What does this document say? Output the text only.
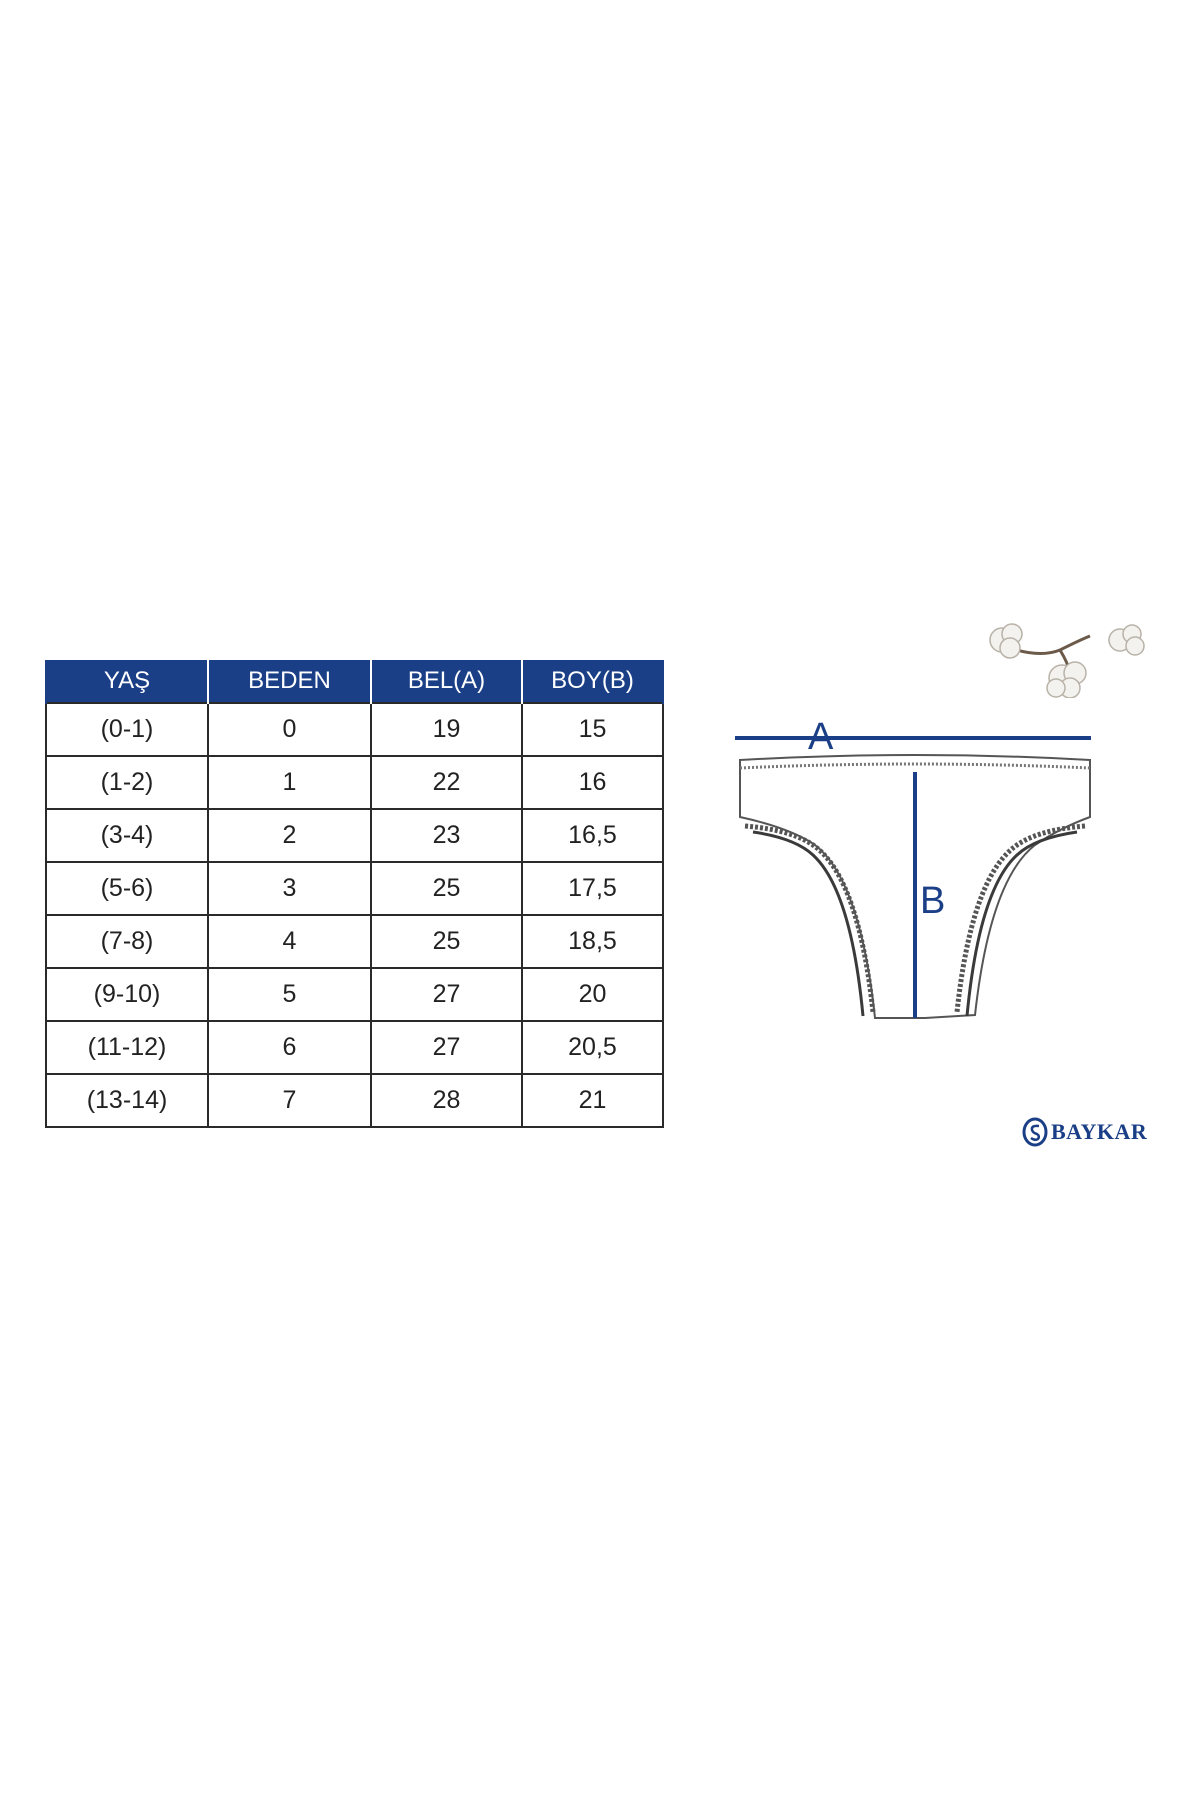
YAŞ	BEDEN	BEL(A)	BOY(B)
(0-1)	0	19	15
(1-2)	1	22	16
(3-4)	2	23	16,5
(5-6)	3	25	17,5
(7-8)	4	25	18,5
(9-10)	5	27	20
(11-12)	6	27	20,5
(13-14)	7	28	21
A
B
BAYKAR
